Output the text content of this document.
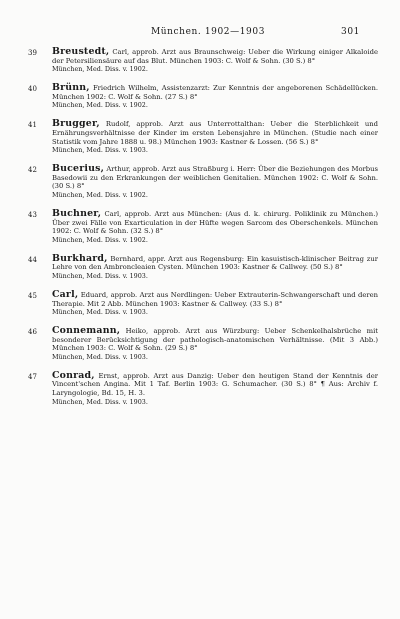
München. 1902—1903	301
39 Breustedt, Carl, approb. Arzt aus Braunschweig: Ueber die Wirkung einiger Alkaloide der Petersiliensäure auf das Blut. München 1903: C. Wolf & Sohn. (30 S.) 8°
München, Med. Diss. v. 1902.
40 Brünn, Friedrich Wilhelm, Assistenzarzt: Zur Kenntnis der angeborenen Schädellücken. München 1902: C. Wolf & Sohn. (27 S.) 8°
München, Med. Diss. v. 1902.
41 Brugger, Rudolf, approb. Arzt aus Unterrottalthan: Ueber die Sterblichkeit und Ernährungsverhältnisse der Kinder im ersten Lebensjahre in München. (Studie nach einer Statistik vom Jahre 1888 u. 98.) München 1903: Kastner & Lossen. (56 S.) 8°
München, Med. Diss. v. 1903.
42 Bucerius, Arthur, approb. Arzt aus Straßburg i. Herr: Über die Beziehungen des Morbus Basedowii zu den Erkrankungen der weiblichen Genitalien. München 1902: C. Wolf & Sohn. (30 S.) 8°
München, Med. Diss. v. 1902.
43 Buchner, Carl, approb. Arzt aus München: (Aus d. k. chirurg. Poliklinik zu München.) Über zwei Fälle von Exarticulation in der Hüfte wegen Sarcom des Oberschenkels. München 1902: C. Wolf & Sohn. (32 S.) 8°
München, Med. Diss. v. 1902.
44 Burkhard, Bernhard, appr. Arzt aus Regensburg: Ein kasuistisch-klinischer Beitrag zur Lehre von den Ambroncleaien Cysten. München 1903: Kastner & Callwey. (50 S.) 8°
München, Med. Diss. v. 1903.
45 Carl, Eduard, approb. Arzt aus Nerdlingen: Ueber Extrauterin-Schwangerschaft und deren Therapie. Mit 2 Abb. München 1903: Kastner & Callwey. (33 S.) 8°
München, Med. Diss. v. 1903.
46 Connemann, Heiko, approb. Arzt aus Würzburg: Ueber Schenkelhalsbrüche mit besonderer Berücksichtigung der pathologisch-anatomischen Verhältnisse. (Mit 3 Abb.) München 1903: C. Wolf & Sohn. (29 S.) 8°
München, Med. Diss. v. 1903.
47 Conrad, Ernst, approb. Arzt aus Danzig: Ueber den heutigen Stand der Kenntnis der Vincent'schen Angina. Mit 1 Taf. Berlin 1903: G. Schumacher. (30 S.) 8° ¶ Aus: Archiv f. Laryngologie, Bd. 15, H. 3.
München, Med. Diss. v. 1903.
